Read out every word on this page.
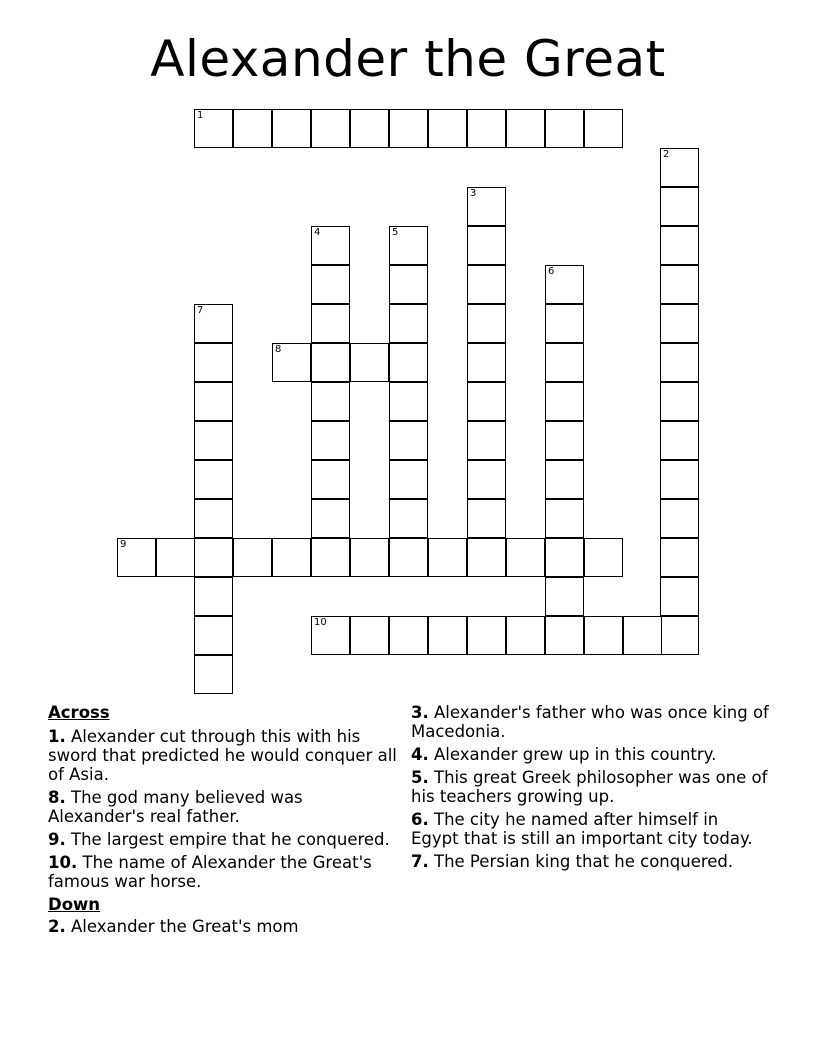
Alexander the Great
1
2
3
4	5
6
7
8
9
10
Across
1. Alexander cut through this with his sword that predicted he would conquer all of Asia.
8. The god many believed was Alexander's real father.
9. The largest empire that he conquered.
10. The name of Alexander the Great's famous war horse.
Down
2. Alexander the Great's mom
3. Alexander's father who was once king of Macedonia.
4. Alexander grew up in this country.
5. This great Greek philosopher was one of his teachers growing up.
6. The city he named after himself in Egypt that is still an important city today.
7. The Persian king that he conquered.
